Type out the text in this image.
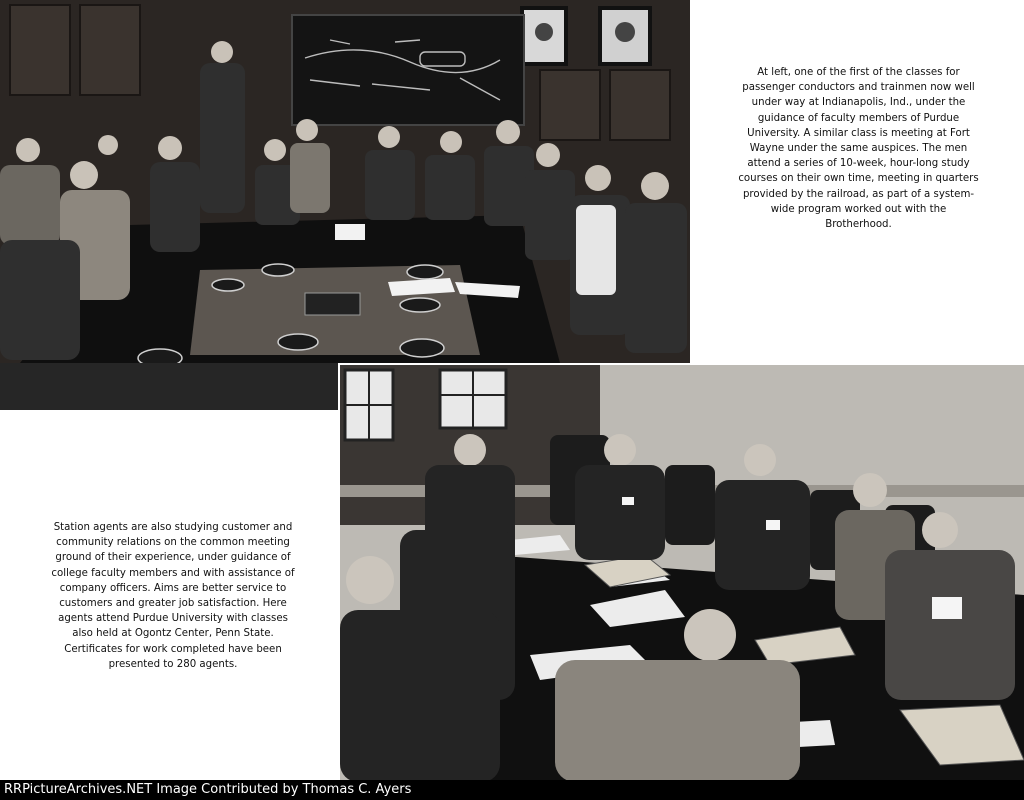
At left, one of the first of the classes for passenger conductors and trainmen now well under way at Indianapolis, Ind., under the guidance of faculty members of Purdue University. A similar class is meeting at Fort Wayne under the same auspices. The men attend a series of 10-week, hour-long study courses on their own time, meeting in quarters provided by the railroad, as part of a system-wide program worked out with the Brotherhood.
Station agents are also studying customer and community relations on the common meeting ground of their experience, under guidance of college faculty members and with assistance of company officers. Aims are better service to customers and greater job satisfaction. Here agents attend Purdue University with classes also held at Ogontz Center, Penn State. Certificates for work completed have been presented to 280 agents.
RRPictureArchives.NET Image Contributed by Thomas C. Ayers
